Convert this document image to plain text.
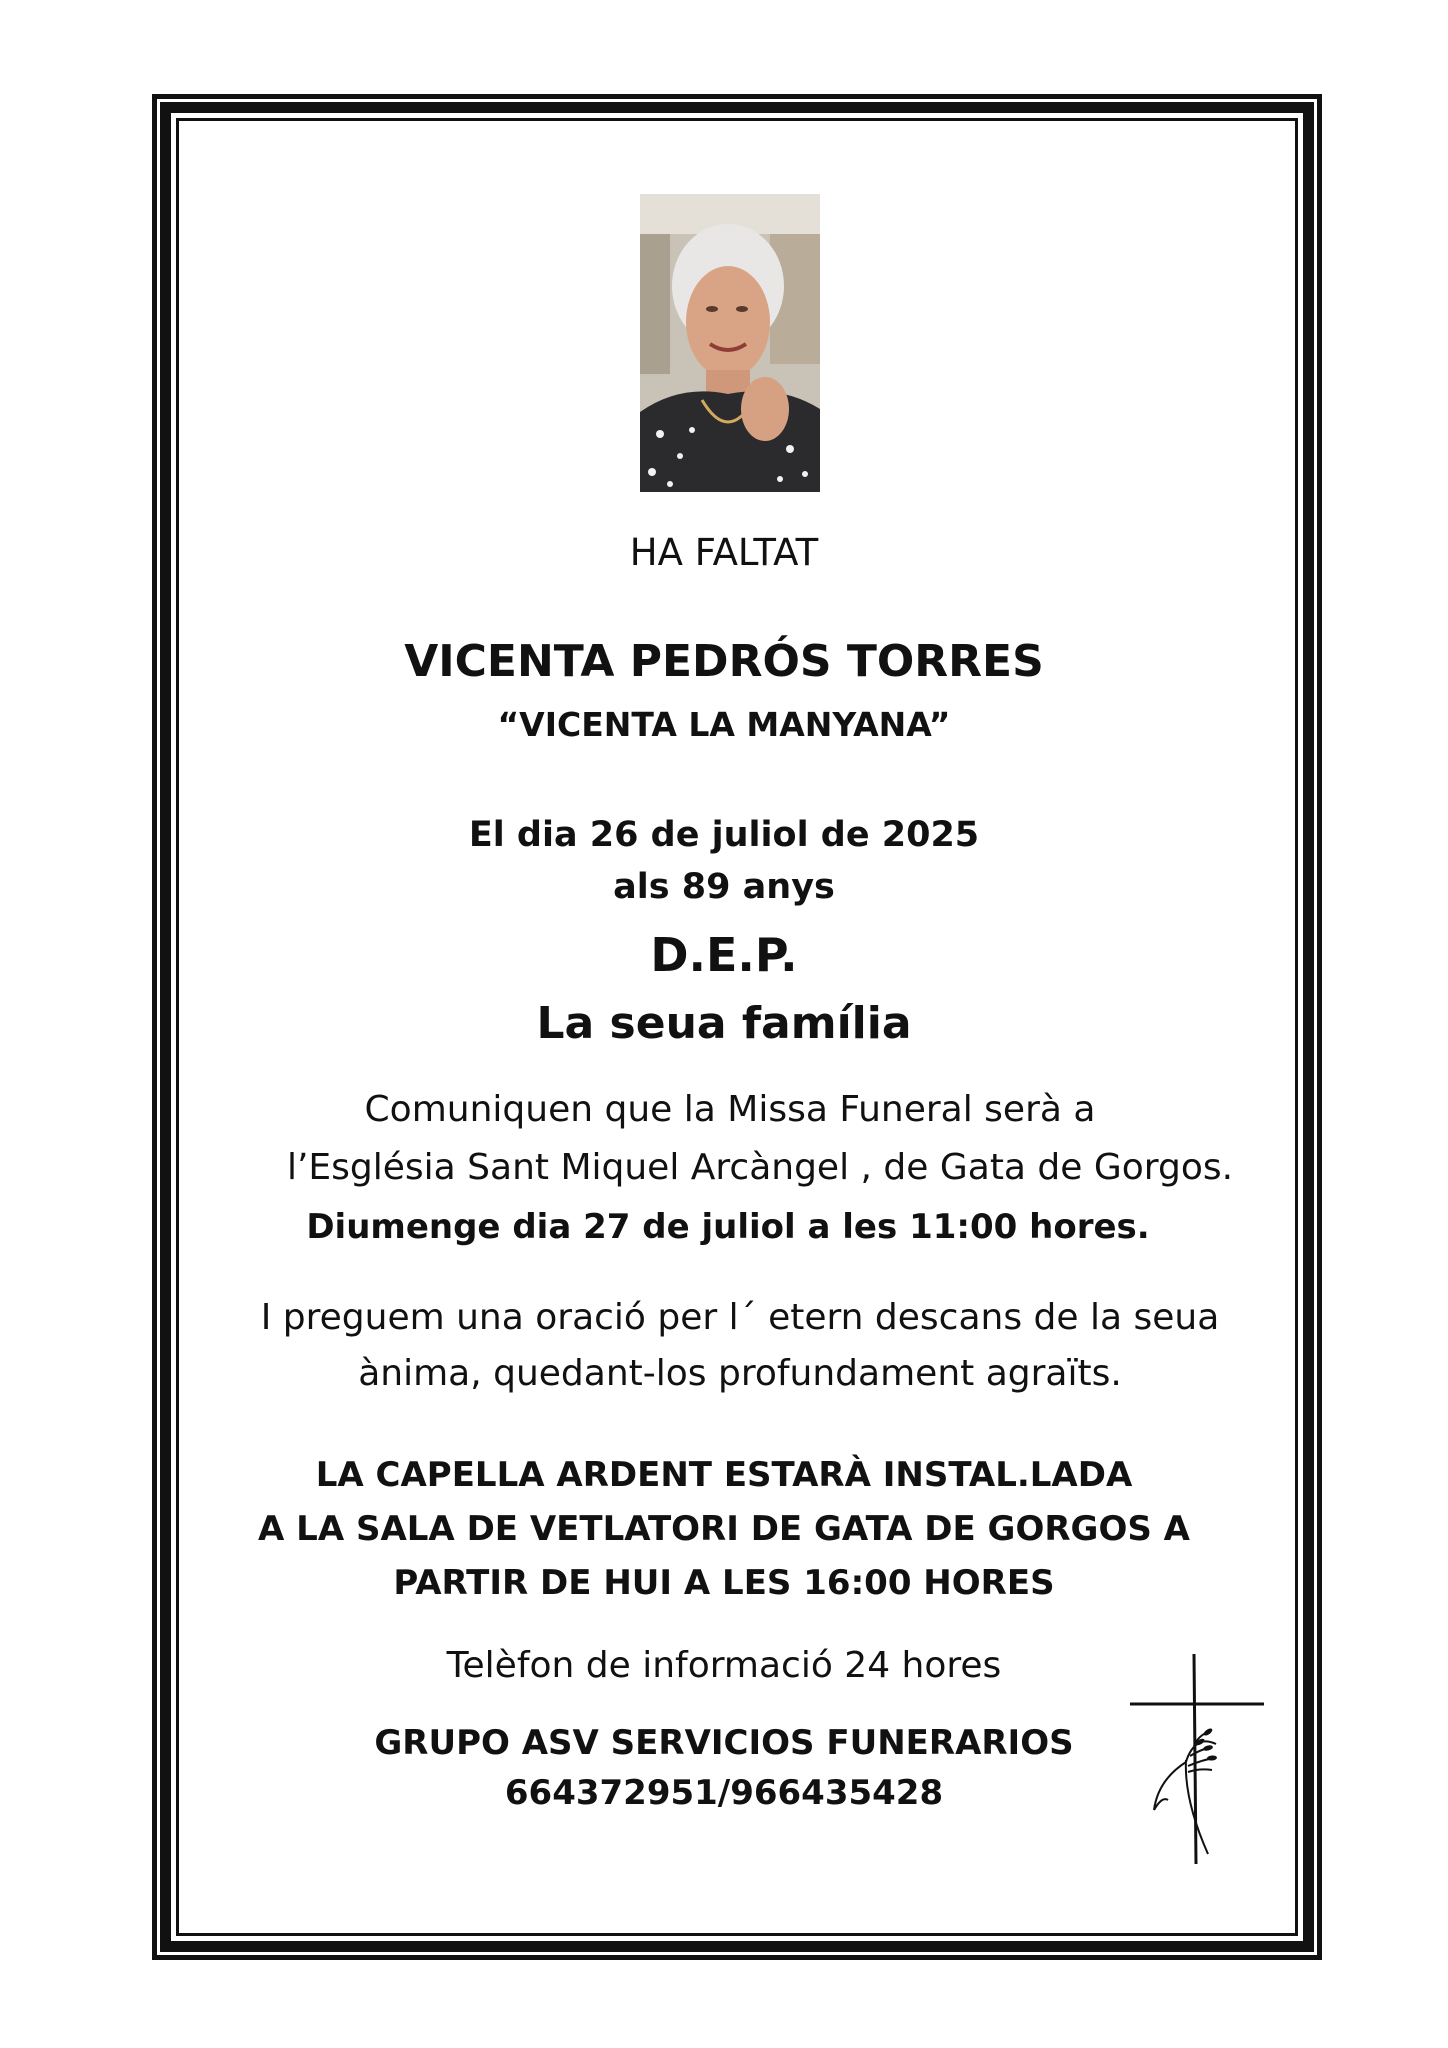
HA FALTAT
VICENTA PEDRÓS TORRES
“VICENTA LA MANYANA”
El dia 26 de juliol de 2025
als 89 anys
D.E.P.
La seua família
Comuniquen que la Missa Funeral serà a
l’Església Sant Miquel Arcàngel , de Gata de Gorgos.
Diumenge dia 27 de juliol a les 11:00 hores.
I preguem una oració per l´ etern descans de la seua
ànima, quedant-los profundament agraïts.
LA CAPELLA ARDENT ESTARÀ INSTAL.LADA
A LA SALA DE VETLATORI DE GATA DE GORGOS A
PARTIR DE HUI A LES 16:00 HORES
Telèfon de informació 24 hores
GRUPO ASV SERVICIOS FUNERARIOS
664372951/966435428
